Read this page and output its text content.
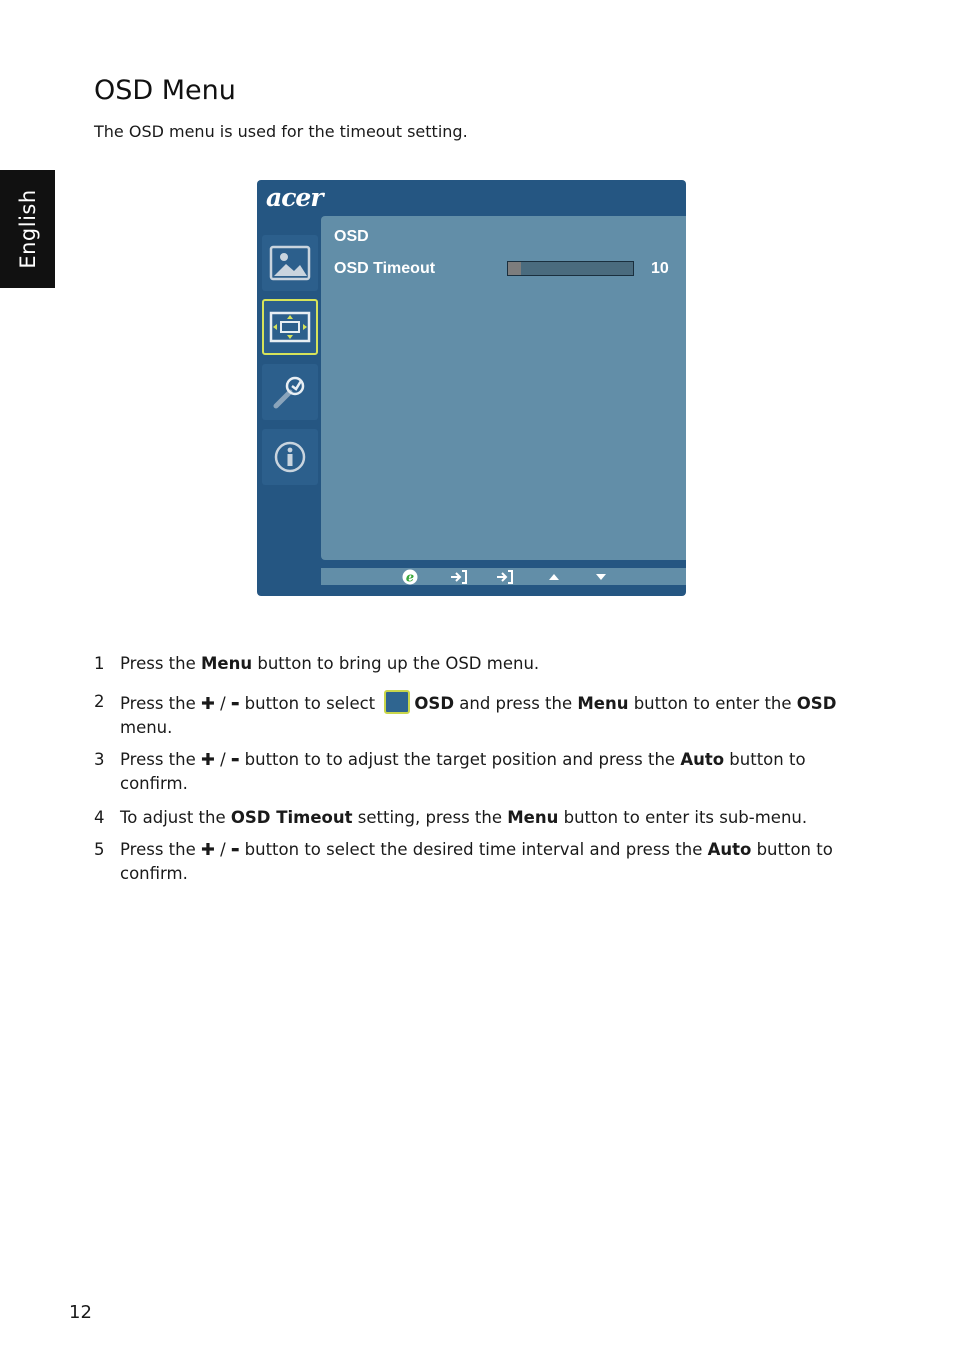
English
OSD Menu

The OSD menu is used for the timeout setting.

acer
OSD
OSD Timeout	10
e
1 Press the Menu button to bring up the OSD menu.
2 Press the ✚ / ▬ button to select OSD and press the Menu button to enter the OSD menu.
3 Press the ✚ / ▬ button to to adjust the target position and press the Auto button to confirm.
4 To adjust the OSD Timeout setting, press the Menu button to enter its sub-menu.
5 Press the ✚ / ▬ button to select the desired time interval and press the Auto button to confirm.
12
